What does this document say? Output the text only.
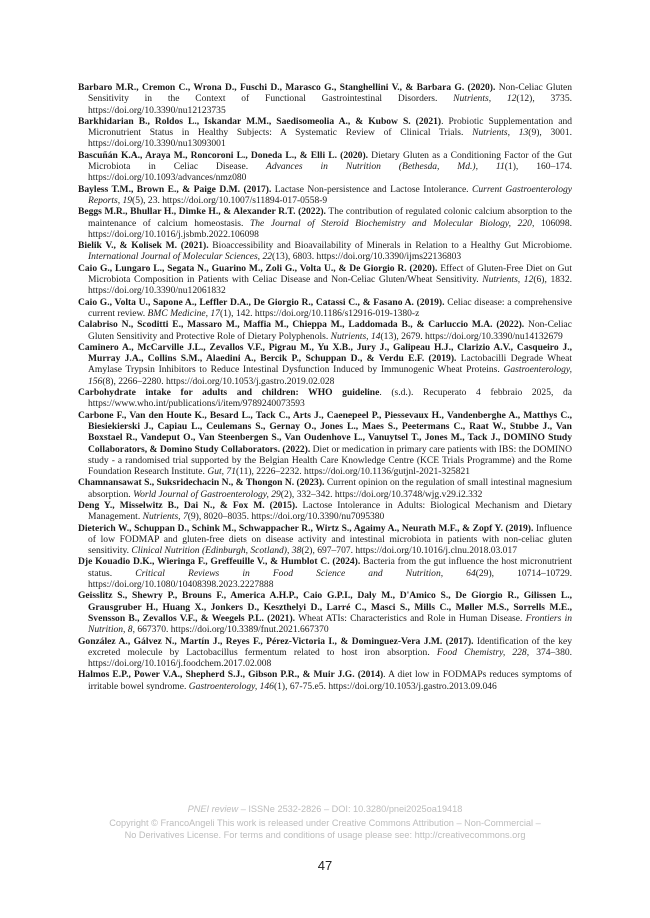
Barbaro M.R., Cremon C., Wrona D., Fuschi D., Marasco G., Stanghellini V., & Barbara G. (2020). Non-Celiac Gluten Sensitivity in the Context of Functional Gastrointestinal Disorders. Nutrients, 12(12), 3735. https://doi.org/10.3390/nu12123735

Barkhidarian B., Roldos L., Iskandar M.M., Saedisomeolia A., & Kubow S. (2021). Probiotic Supplementation and Micronutrient Status in Healthy Subjects: A Systematic Review of Clinical Trials. Nutrients, 13(9), 3001. https://doi.org/10.3390/nu13093001

Bascuñán K.A., Araya M., Roncoroni L., Doneda L., & Elli L. (2020). Dietary Gluten as a Conditioning Factor of the Gut Microbiota in Celiac Disease. Advances in Nutrition (Bethesda, Md.), 11(1), 160–174. https://doi.org/10.1093/advances/nmz080

Bayless T.M., Brown E., & Paige D.M. (2017). Lactase Non-persistence and Lactose Intolerance. Current Gastroenterology Reports, 19(5), 23. https://doi.org/10.1007/s11894-017-0558-9

Beggs M.R., Bhullar H., Dimke H., & Alexander R.T. (2022). The contribution of regulated colonic calcium absorption to the maintenance of calcium homeostasis. The Journal of Steroid Biochemistry and Molecular Biology, 220, 106098. https://doi.org/10.1016/j.jsbmb.2022.106098

Bielik V., & Kolisek M. (2021). Bioaccessibility and Bioavailability of Minerals in Relation to a Healthy Gut Microbiome. International Journal of Molecular Sciences, 22(13), 6803. https://doi.org/10.3390/ijms22136803

Caio G., Lungaro L., Segata N., Guarino M., Zoli G., Volta U., & De Giorgio R. (2020). Effect of Gluten-Free Diet on Gut Microbiota Composition in Patients with Celiac Disease and Non-Celiac Gluten/Wheat Sensitivity. Nutrients, 12(6), 1832. https://doi.org/10.3390/nu12061832

Caio G., Volta U., Sapone A., Leffler D.A., De Giorgio R., Catassi C., & Fasano A. (2019). Celiac disease: a comprehensive current review. BMC Medicine, 17(1), 142. https://doi.org/10.1186/s12916-019-1380-z

Calabriso N., Scoditti E., Massaro M., Maffia M., Chieppa M., Laddomada B., & Carluccio M.A. (2022). Non-Celiac Gluten Sensitivity and Protective Role of Dietary Polyphenols. Nutrients, 14(13), 2679. https://doi.org/10.3390/nu14132679

Caminero A., McCarville J.L., Zevallos V.F., Pigrau M., Yu X.B., Jury J., Galipeau H.J., Clarizio A.V., Casqueiro J., Murray J.A., Collins S.M., Alaedini A., Bercik P., Schuppan D., & Verdu E.F. (2019). Lactobacilli Degrade Wheat Amylase Trypsin Inhibitors to Reduce Intestinal Dysfunction Induced by Immunogenic Wheat Proteins. Gastroenterology, 156(8), 2266–2280. https://doi.org/10.1053/j.gastro.2019.02.028

Carbohydrate intake for adults and children: WHO guideline. (s.d.). Recuperato 4 febbraio 2025, da https://www.who.int/publications/i/item/9789240073593

Carbone F., Van den Houte K., Besard L., Tack C., Arts J., Caenepeel P., Piessevaux H., Vandenberghe A., Matthys C., Biesiekierski J., Capiau L., Ceulemans S., Gernay O., Jones L., Maes S., Peetermans C., Raat W., Stubbe J., Van Boxstael R., Vandeput O., Van Steenbergen S., Van Oudenhove L., Vanuytsel T., Jones M., Tack J., DOMINO Study Collaborators, & Domino Study Collaborators. (2022). Diet or medication in primary care patients with IBS: the DOMINO study - a randomised trial supported by the Belgian Health Care Knowledge Centre (KCE Trials Programme) and the Rome Foundation Research Institute. Gut, 71(11), 2226–2232. https://doi.org/10.1136/gutjnl-2021-325821

Chamnansawat S., Suksridechacin N., & Thongon N. (2023). Current opinion on the regulation of small intestinal magnesium absorption. World Journal of Gastroenterology, 29(2), 332–342. https://doi.org/10.3748/wjg.v29.i2.332

Deng Y., Misselwitz B., Dai N., & Fox M. (2015). Lactose Intolerance in Adults: Biological Mechanism and Dietary Management. Nutrients, 7(9), 8020–8035. https://doi.org/10.3390/nu7095380

Dieterich W., Schuppan D., Schink M., Schwappacher R., Wirtz S., Agaimy A., Neurath M.F., & Zopf Y. (2019). Influence of low FODMAP and gluten-free diets on disease activity and intestinal microbiota in patients with non-celiac gluten sensitivity. Clinical Nutrition (Edinburgh, Scotland), 38(2), 697–707. https://doi.org/10.1016/j.clnu.2018.03.017

Dje Kouadio D.K., Wieringa F., Greffeuille V., & Humblot C. (2024). Bacteria from the gut influence the host micronutrient status. Critical Reviews in Food Science and Nutrition, 64(29), 10714–10729. https://doi.org/10.1080/10408398.2023.2227888

Geisslitz S., Shewry P., Brouns F., America A.H.P., Caio G.P.I., Daly M., D'Amico S., De Giorgio R., Gilissen L., Grausgruber H., Huang X., Jonkers D., Keszthelyi D., Larré C., Masci S., Mills C., Møller M.S., Sorrells M.E., Svensson B., Zevallos V.F., & Weegels P.L. (2021). Wheat ATIs: Characteristics and Role in Human Disease. Frontiers in Nutrition, 8, 667370. https://doi.org/10.3389/fnut.2021.667370

González A., Gálvez N., Martín J., Reyes F., Pérez-Victoria I., & Dominguez-Vera J.M. (2017). Identification of the key excreted molecule by Lactobacillus fermentum related to host iron absorption. Food Chemistry, 228, 374–380. https://doi.org/10.1016/j.foodchem.2017.02.008

Halmos E.P., Power V.A., Shepherd S.J., Gibson P.R., & Muir J.G. (2014). A diet low in FODMAPs reduces symptoms of irritable bowel syndrome. Gastroenterology, 146(1), 67-75.e5. https://doi.org/10.1053/j.gastro.2013.09.046

PNEI review – ISSNe 2532-2826 – DOI: 10.3280/pnei2025oa19418
Copyright © FrancoAngeli This work is released under Creative Commons Attribution – Non-Commercial –
No Derivatives License. For terms and conditions of usage please see: http://creativecommons.org
47
